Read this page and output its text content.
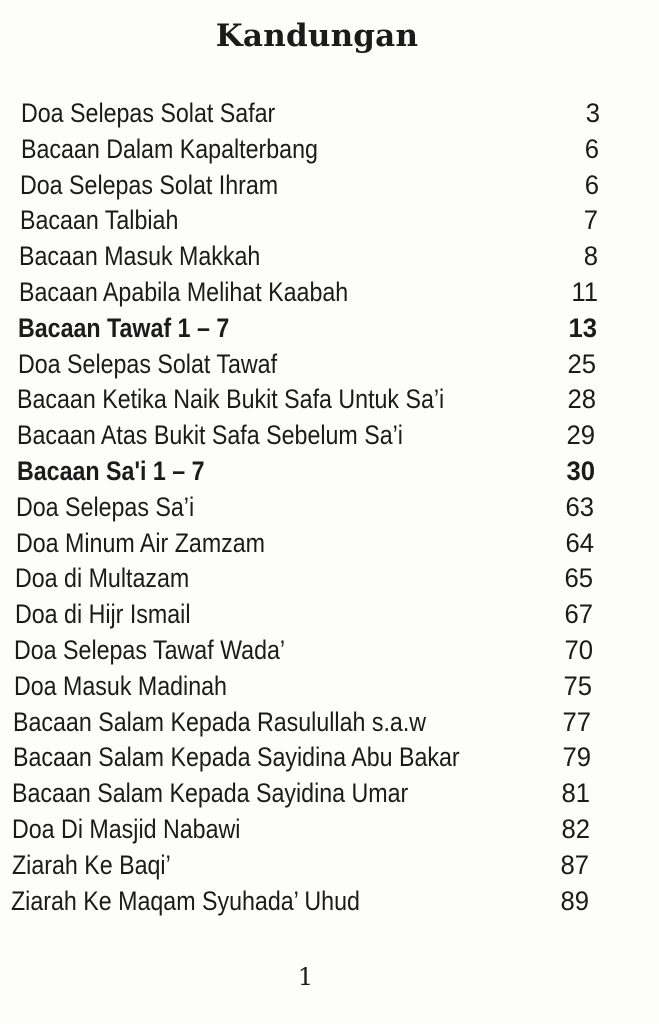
Kandungan
Doa Selepas Solat Safar	3
Bacaan Dalam Kapalterbang	6
Doa Selepas Solat Ihram	6
Bacaan Talbiah	7
Bacaan Masuk Makkah	8
Bacaan Apabila Melihat Kaabah	11
Bacaan Tawaf 1 – 7	13
Doa Selepas Solat Tawaf	25
Bacaan Ketika Naik Bukit Safa Untuk Sa’i	28
Bacaan Atas Bukit Safa Sebelum Sa’i	29
Bacaan Sa'i 1 – 7	30
Doa Selepas Sa’i	63
Doa Minum Air Zamzam	64
Doa di Multazam	65
Doa di Hijr Ismail	67
Doa Selepas Tawaf Wada’	70
Doa Masuk Madinah	75
Bacaan Salam Kepada Rasulullah s.a.w	77
Bacaan Salam Kepada Sayidina Abu Bakar	79
Bacaan Salam Kepada Sayidina Umar	81
Doa Di Masjid Nabawi	82
Ziarah Ke Baqi’	87
Ziarah Ke Maqam Syuhada’ Uhud	89
1
